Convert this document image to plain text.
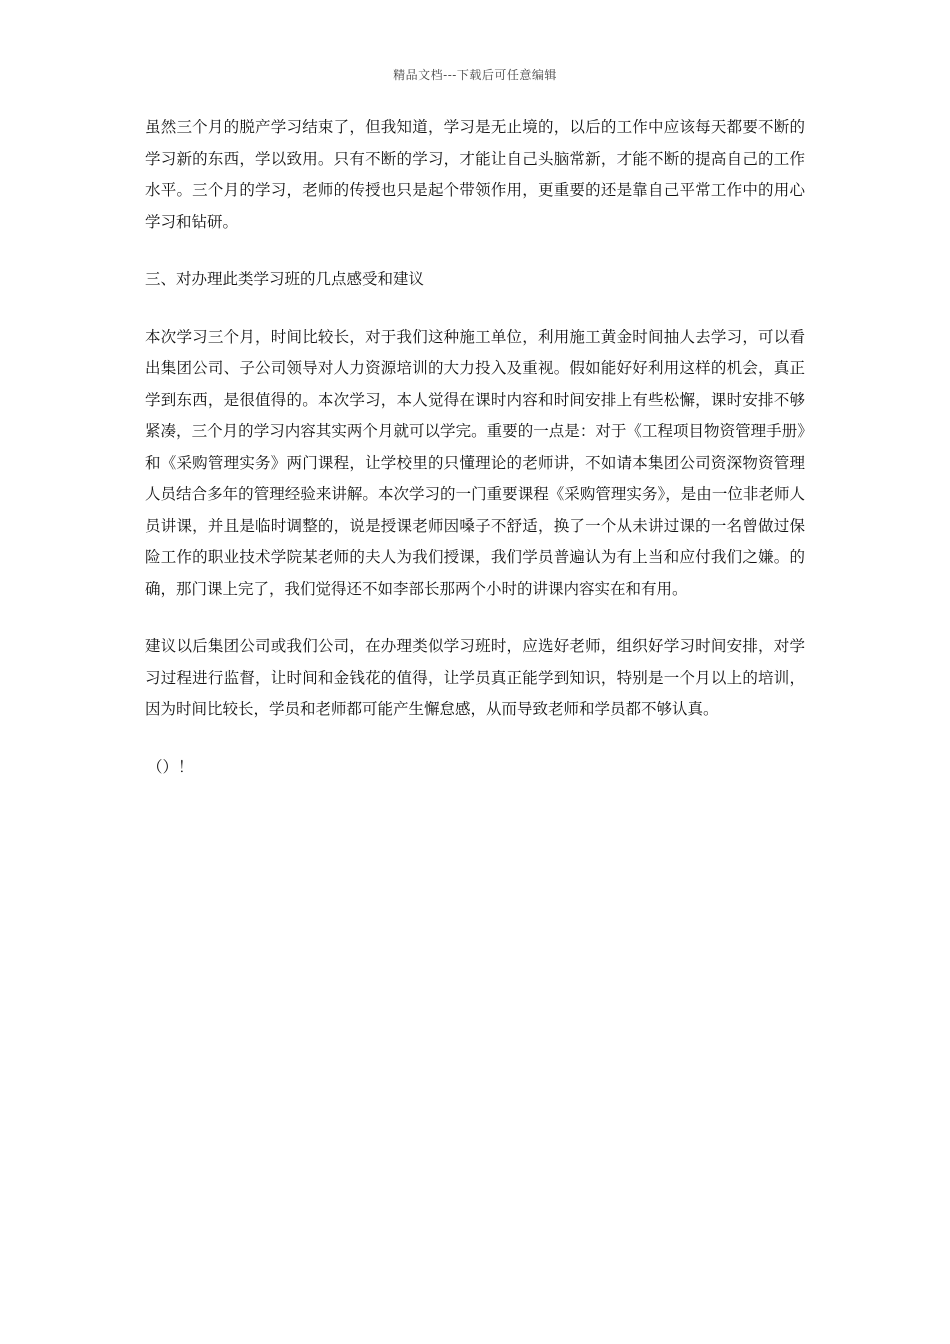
精品文档---下载后可任意编辑

虽然三个月的脱产学习结束了，但我知道，学习是无止境的，以后的工作中应该每天都要不断的学习新的东西，学以致用。只有不断的学习，才能让自己头脑常新，才能不断的提高自己的工作水平。三个月的学习，老师的传授也只是起个带领作用，更重要的还是靠自己平常工作中的用心学习和钻研。

三、对办理此类学习班的几点感受和建议

本次学习三个月，时间比较长，对于我们这种施工单位，利用施工黄金时间抽人去学习，可以看出集团公司、子公司领导对人力资源培训的大力投入及重视。假如能好好利用这样的机会，真正学到东西，是很值得的。本次学习，本人觉得在课时内容和时间安排上有些松懈，课时安排不够紧凑，三个月的学习内容其实两个月就可以学完。重要的一点是：对于《工程项目物资管理手册》和《采购管理实务》两门课程，让学校里的只懂理论的老师讲，不如请本集团公司资深物资管理人员结合多年的管理经验来讲解。本次学习的一门重要课程《采购管理实务》，是由一位非老师人员讲课，并且是临时调整的，说是授课老师因嗓子不舒适，换了一个从未讲过课的一名曾做过保险工作的职业技术学院某老师的夫人为我们授课，我们学员普遍认为有上当和应付我们之嫌。的确，那门课上完了，我们觉得还不如李部长那两个小时的讲课内容实在和有用。

建议以后集团公司或我们公司，在办理类似学习班时，应选好老师，组织好学习时间安排，对学习过程进行监督，让时间和金钱花的值得，让学员真正能学到知识，特别是一个月以上的培训，因为时间比较长，学员和老师都可能产生懈怠感，从而导致老师和学员都不够认真。

（）！
